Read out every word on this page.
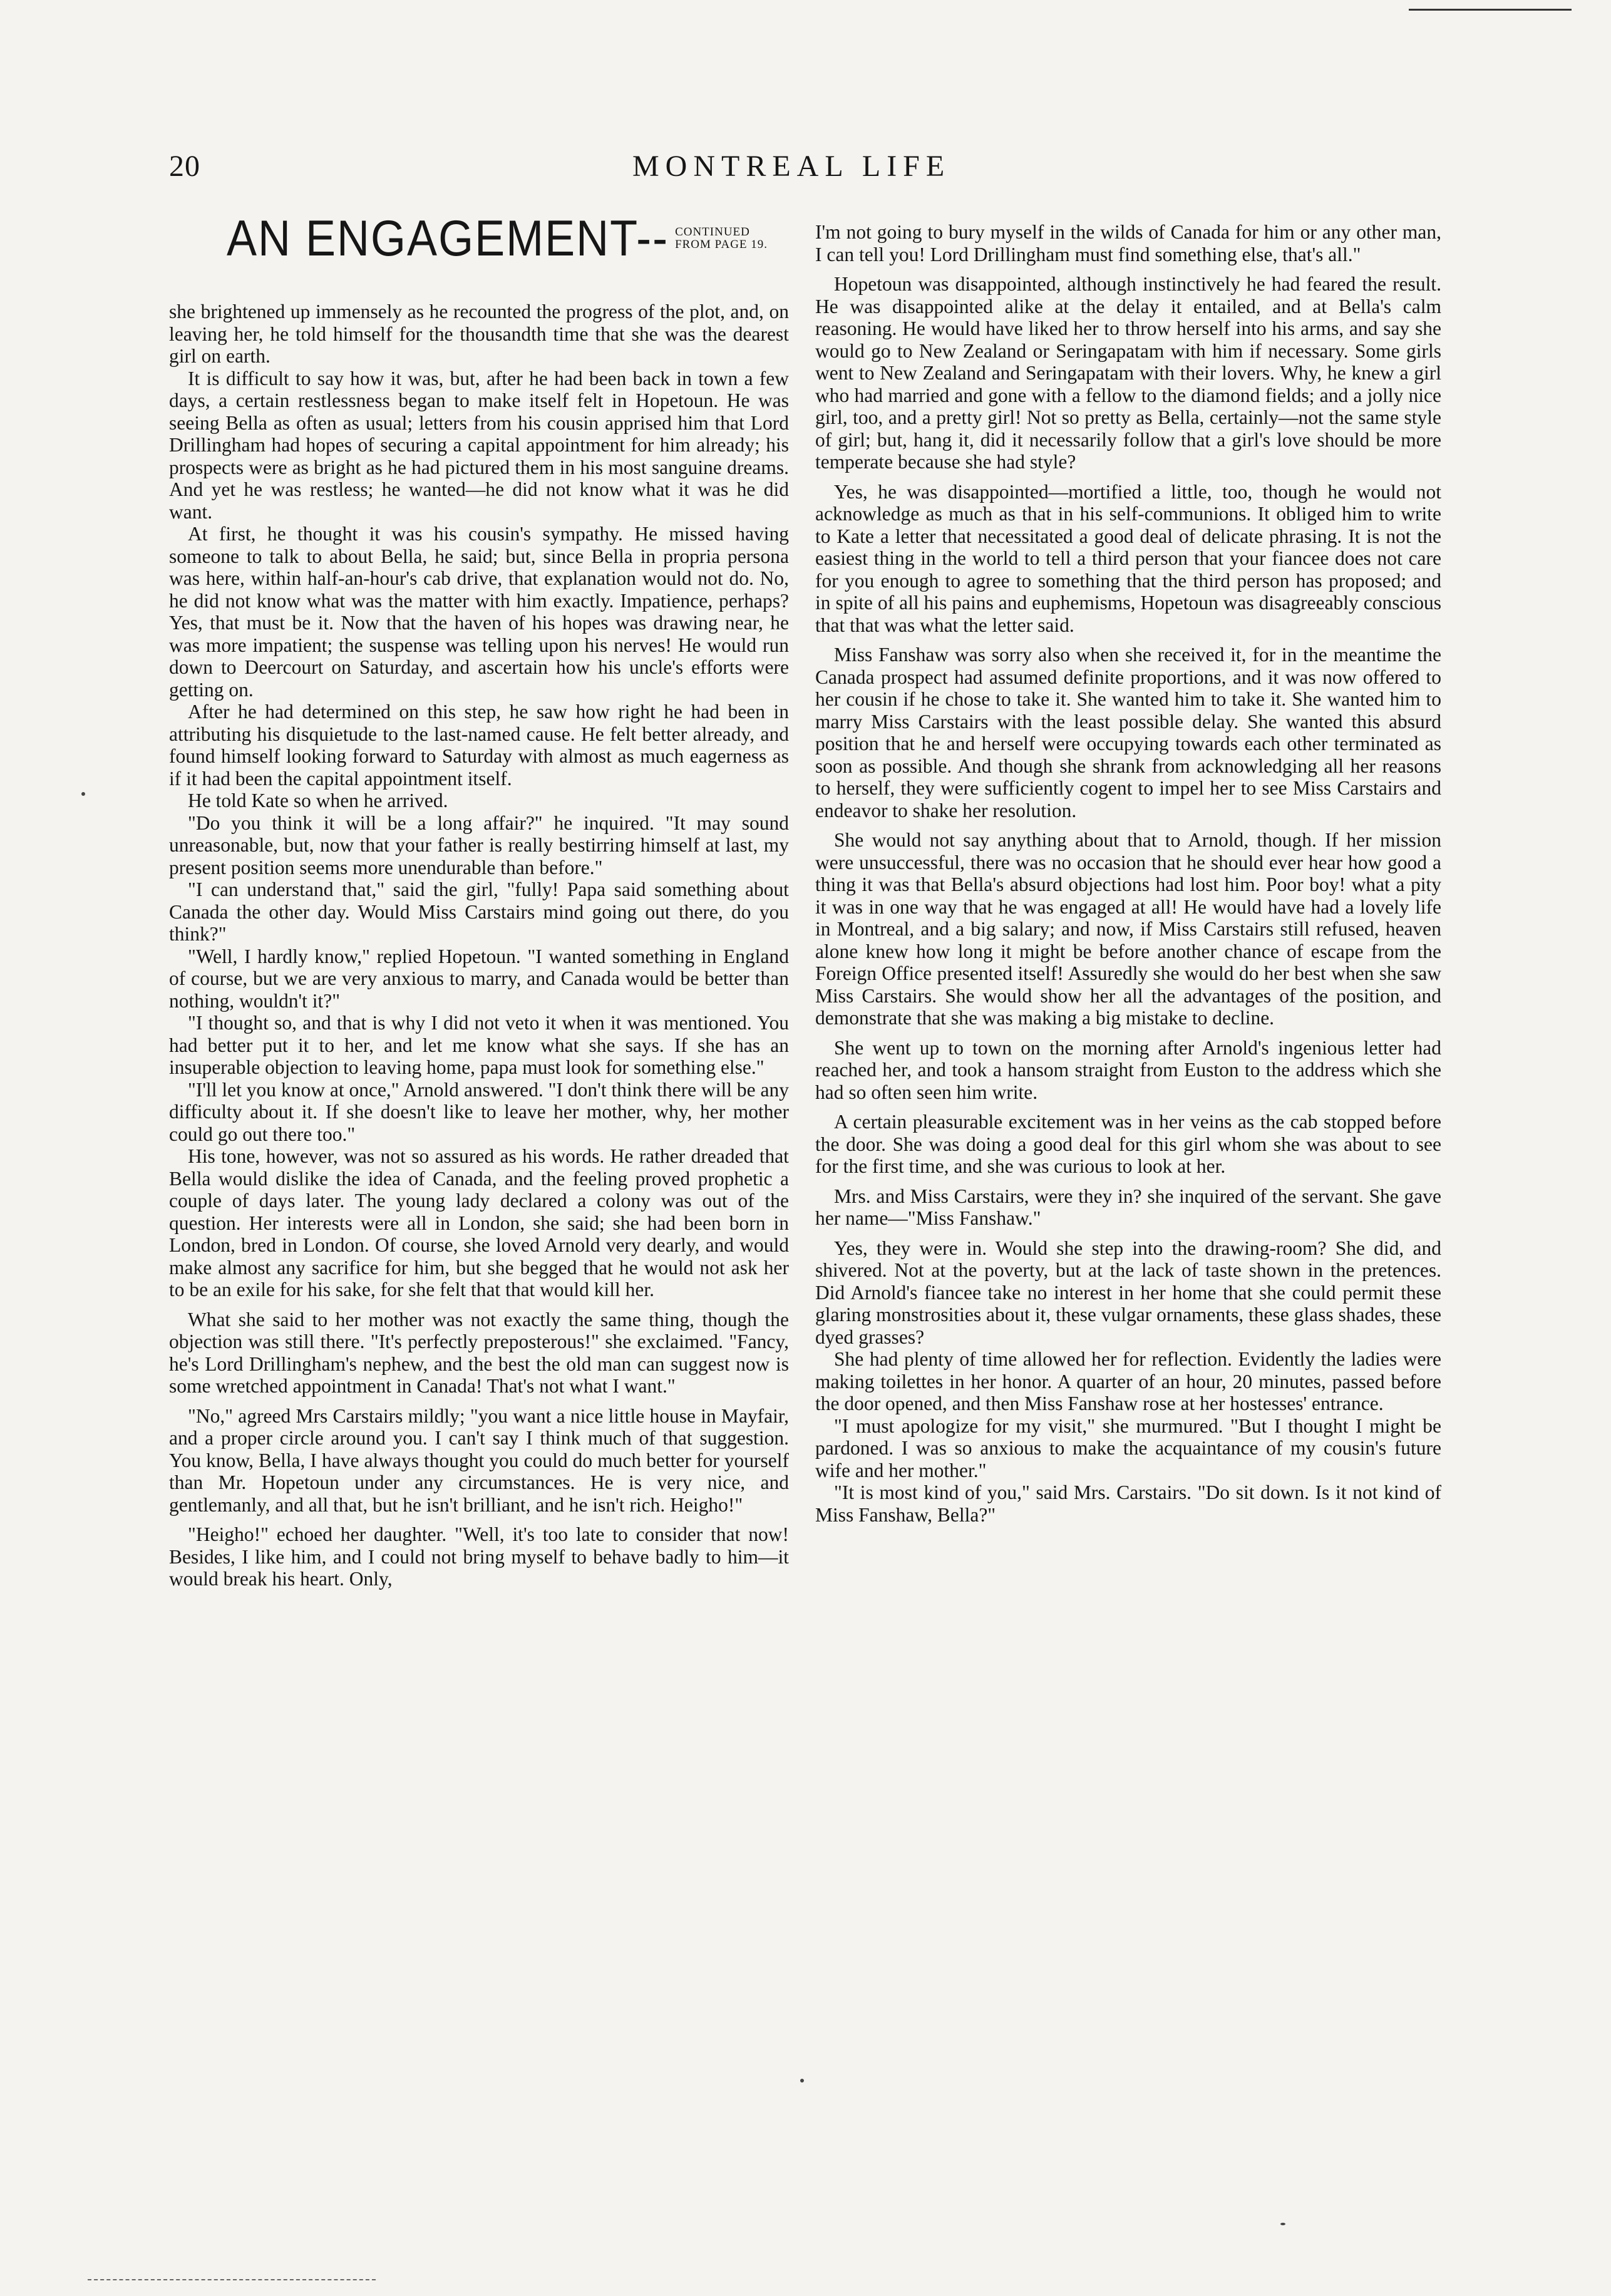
20	MONTREAL LIFE
AN ENGAGEMENT-- CONTINUED
FROM PAGE 19.

she brightened up immensely as he recounted the progress of the plot, and, on leaving her, he told himself for the thousandth time that she was the dearest girl on earth.

It is difficult to say how it was, but, after he had been back in town a few days, a certain restlessness began to make itself felt in Hopetoun. He was seeing Bella as often as usual; letters from his cousin apprised him that Lord Drillingham had hopes of securing a capital appointment for him already; his prospects were as bright as he had pictured them in his most sanguine dreams. And yet he was restless; he wanted—he did not know what it was he did want.

At first, he thought it was his cousin's sympathy. He missed having someone to talk to about Bella, he said; but, since Bella in propria persona was here, within half-an-hour's cab drive, that explanation would not do. No, he did not know what was the matter with him exactly. Impatience, perhaps? Yes, that must be it. Now that the haven of his hopes was drawing near, he was more impatient; the suspense was telling upon his nerves! He would run down to Deercourt on Saturday, and ascertain how his uncle's efforts were getting on.

After he had determined on this step, he saw how right he had been in attributing his disquietude to the last-named cause. He felt better already, and found himself looking forward to Saturday with almost as much eagerness as if it had been the capital appointment itself.

He told Kate so when he arrived.

"Do you think it will be a long affair?" he inquired. "It may sound unreasonable, but, now that your father is really bestirring himself at last, my present position seems more unendurable than before."

"I can understand that," said the girl, "fully! Papa said something about Canada the other day. Would Miss Carstairs mind going out there, do you think?"

"Well, I hardly know," replied Hopetoun. "I wanted something in England of course, but we are very anxious to marry, and Canada would be better than nothing, wouldn't it?"

"I thought so, and that is why I did not veto it when it was mentioned. You had better put it to her, and let me know what she says. If she has an insuperable objection to leaving home, papa must look for something else."

"I'll let you know at once," Arnold answered. "I don't think there will be any difficulty about it. If she doesn't like to leave her mother, why, her mother could go out there too."

His tone, however, was not so assured as his words. He rather dreaded that Bella would dislike the idea of Canada, and the feeling proved prophetic a couple of days later. The young lady declared a colony was out of the question. Her interests were all in London, she said; she had been born in London, bred in London. Of course, she loved Arnold very dearly, and would make almost any sacrifice for him, but she begged that he would not ask her to be an exile for his sake, for she felt that that would kill her.

What she said to her mother was not exactly the same thing, though the objection was still there. "It's perfectly preposterous!" she exclaimed. "Fancy, he's Lord Drillingham's nephew, and the best the old man can suggest now is some wretched appointment in Canada! That's not what I want."

"No," agreed Mrs Carstairs mildly; "you want a nice little house in Mayfair, and a proper circle around you. I can't say I think much of that suggestion. You know, Bella, I have always thought you could do much better for yourself than Mr. Hopetoun under any circumstances. He is very nice, and gentlemanly, and all that, but he isn't brilliant, and he isn't rich. Heigho!"

"Heigho!" echoed her daughter. "Well, it's too late to consider that now! Besides, I like him, and I could not bring myself to behave badly to him—it would break his heart. Only,

I'm not going to bury myself in the wilds of Canada for him or any other man, I can tell you! Lord Drillingham must find something else, that's all."

Hopetoun was disappointed, although instinctively he had feared the result. He was disappointed alike at the delay it entailed, and at Bella's calm reasoning. He would have liked her to throw herself into his arms, and say she would go to New Zealand or Seringapatam with him if necessary. Some girls went to New Zealand and Seringapatam with their lovers. Why, he knew a girl who had married and gone with a fellow to the diamond fields; and a jolly nice girl, too, and a pretty girl! Not so pretty as Bella, certainly—not the same style of girl; but, hang it, did it necessarily follow that a girl's love should be more temperate because she had style?

Yes, he was disappointed—mortified a little, too, though he would not acknowledge as much as that in his self-communions. It obliged him to write to Kate a letter that necessitated a good deal of delicate phrasing. It is not the easiest thing in the world to tell a third person that your fiancee does not care for you enough to agree to something that the third person has proposed; and in spite of all his pains and euphemisms, Hopetoun was disagreeably conscious that that was what the letter said.

Miss Fanshaw was sorry also when she received it, for in the meantime the Canada prospect had assumed definite proportions, and it was now offered to her cousin if he chose to take it. She wanted him to take it. She wanted him to marry Miss Carstairs with the least possible delay. She wanted this absurd position that he and herself were occupying towards each other terminated as soon as possible. And though she shrank from acknowledging all her reasons to herself, they were sufficiently cogent to impel her to see Miss Carstairs and endeavor to shake her resolution.

She would not say anything about that to Arnold, though. If her mission were unsuccessful, there was no occasion that he should ever hear how good a thing it was that Bella's absurd objections had lost him. Poor boy! what a pity it was in one way that he was engaged at all! He would have had a lovely life in Montreal, and a big salary; and now, if Miss Carstairs still refused, heaven alone knew how long it might be before another chance of escape from the Foreign Office presented itself! Assuredly she would do her best when she saw Miss Carstairs. She would show her all the advantages of the position, and demonstrate that she was making a big mistake to decline.

She went up to town on the morning after Arnold's ingenious letter had reached her, and took a hansom straight from Euston to the address which she had so often seen him write.

A certain pleasurable excitement was in her veins as the cab stopped before the door. She was doing a good deal for this girl whom she was about to see for the first time, and she was curious to look at her.

Mrs. and Miss Carstairs, were they in? she inquired of the servant. She gave her name—"Miss Fanshaw."

Yes, they were in. Would she step into the drawing-room? She did, and shivered. Not at the poverty, but at the lack of taste shown in the pretences. Did Arnold's fiancee take no interest in her home that she could permit these glaring monstrosities about it, these vulgar ornaments, these glass shades, these dyed grasses?

She had plenty of time allowed her for reflection. Evidently the ladies were making toilettes in her honor. A quarter of an hour, 20 minutes, passed before the door opened, and then Miss Fanshaw rose at her hostesses' entrance.

"I must apologize for my visit," she murmured. "But I thought I might be pardoned. I was so anxious to make the acquaintance of my cousin's future wife and her mother."

"It is most kind of you," said Mrs. Carstairs. "Do sit down. Is it not kind of Miss Fanshaw, Bella?"
